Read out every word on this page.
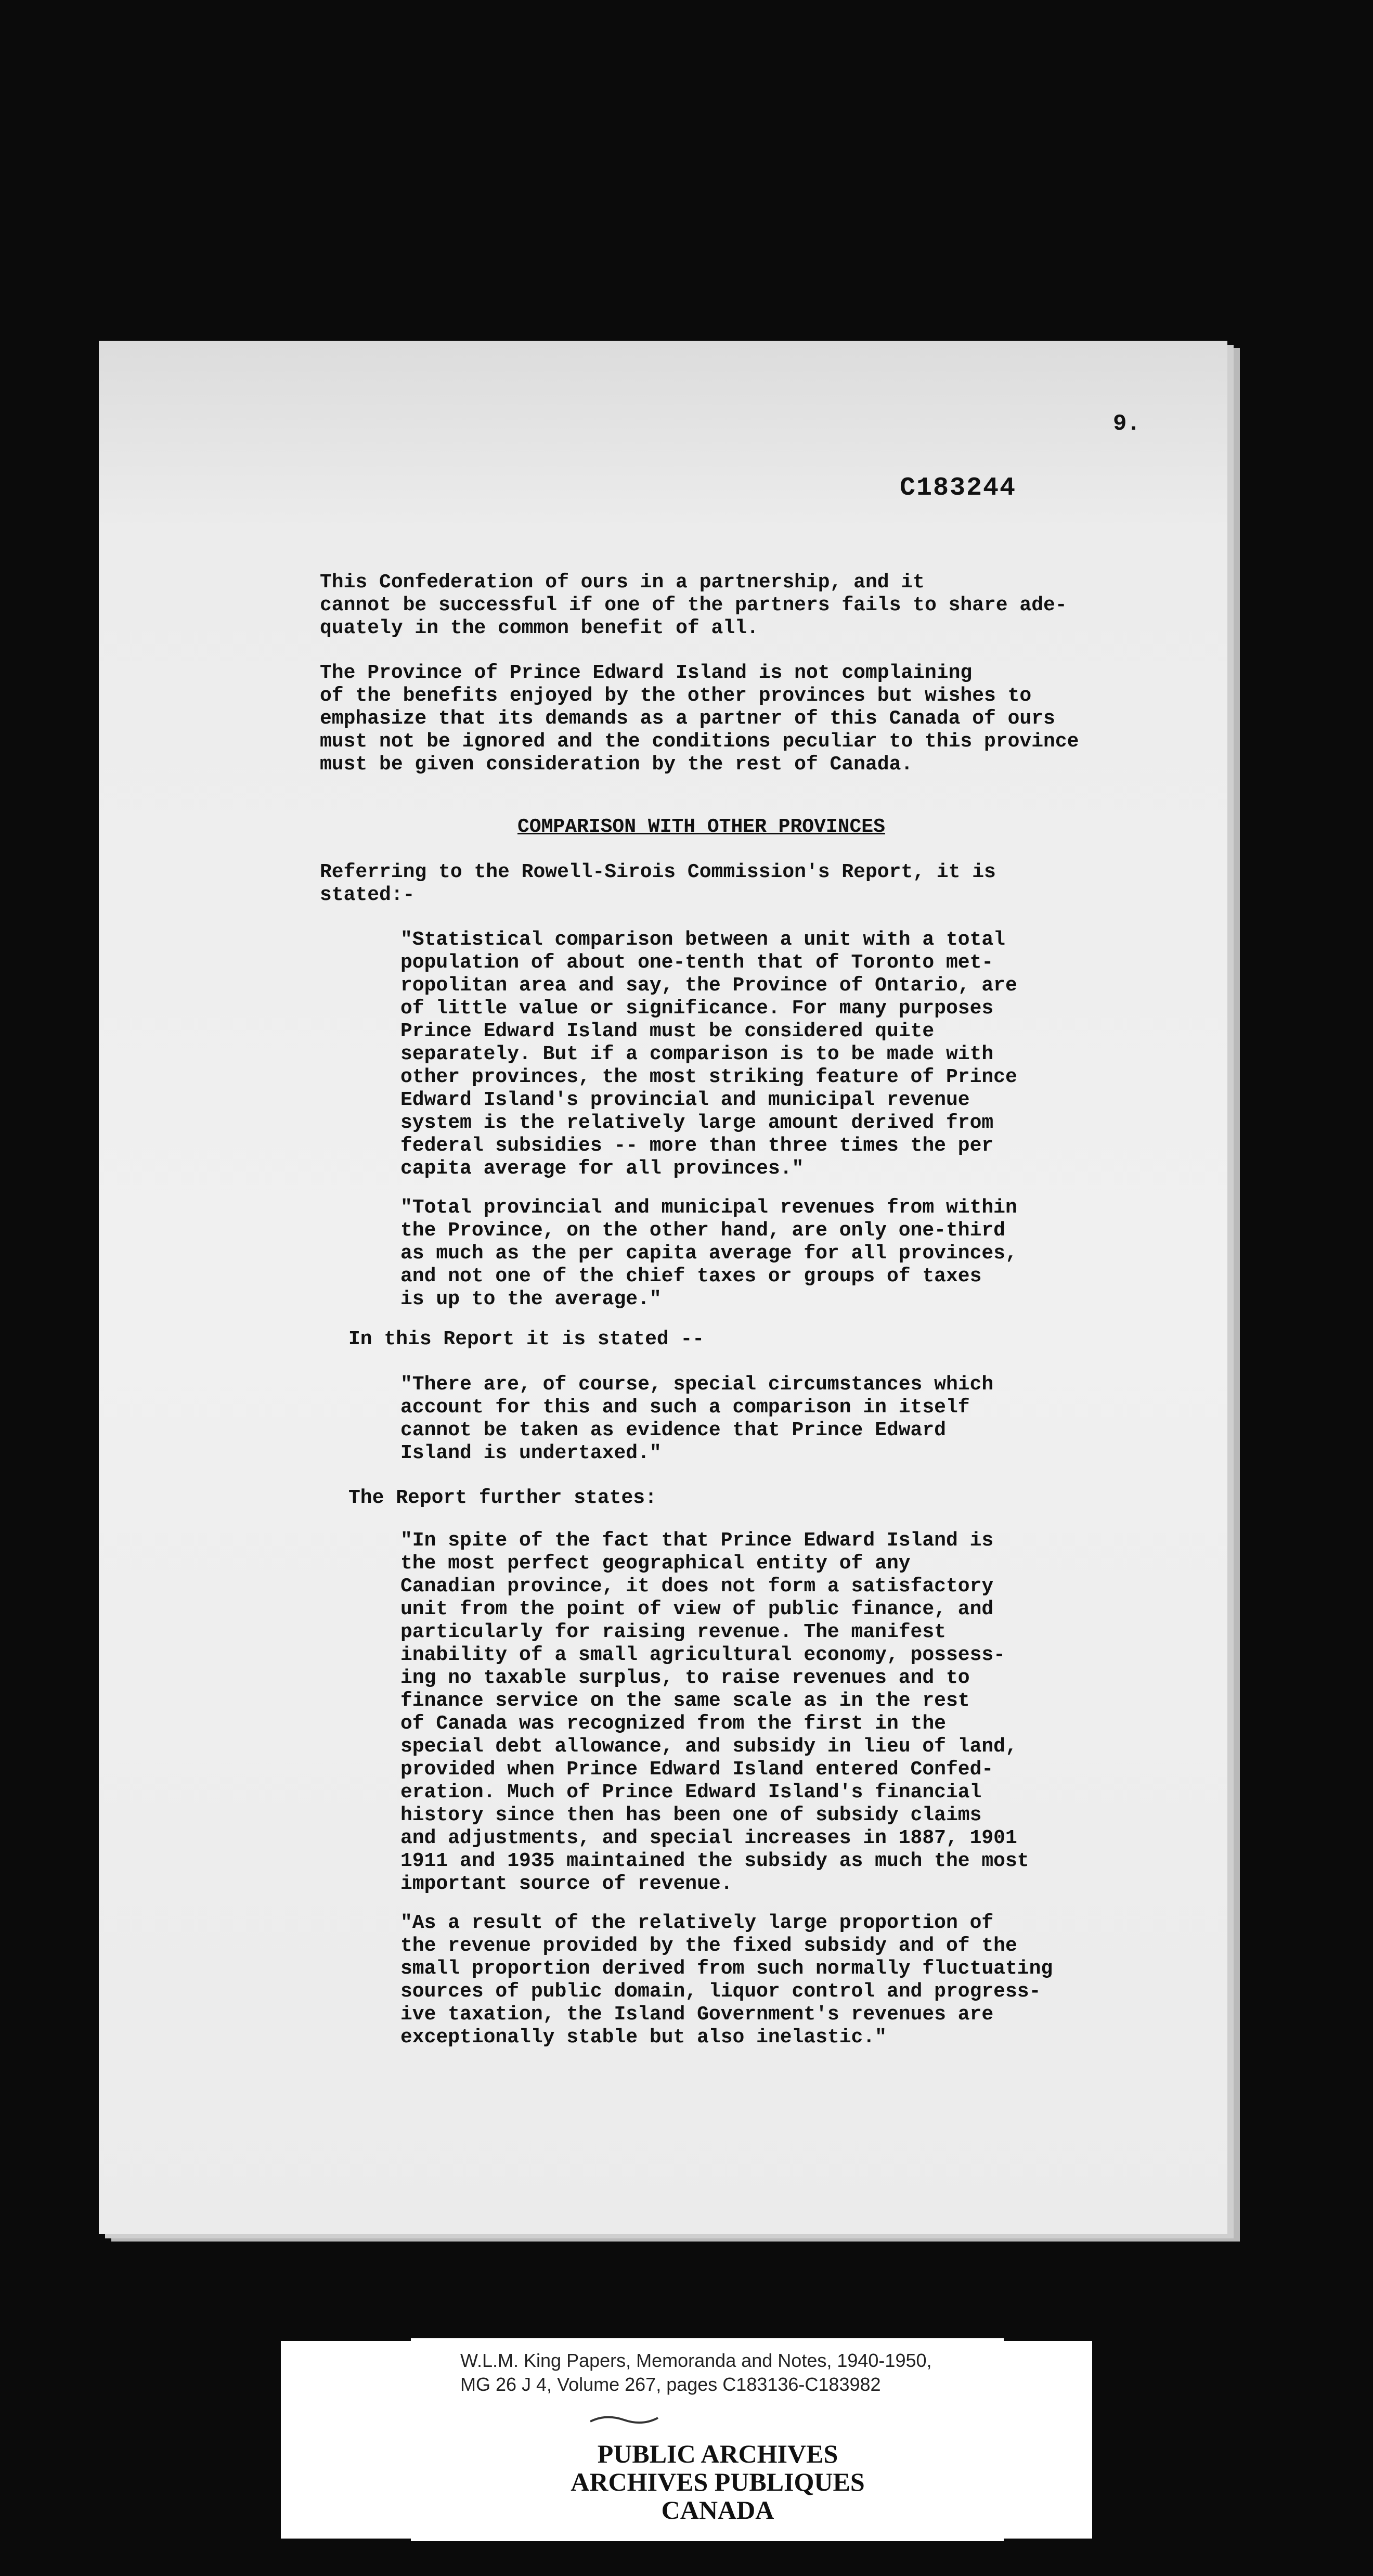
9.
C183244

This Confederation of ours in a partnership, and it
cannot be successful if one of the partners fails to share ade-
quately in the common benefit of all.

The Province of Prince Edward Island is not complaining
of the benefits enjoyed by the other provinces but wishes to
emphasize that its demands as a partner of this Canada of ours
must not be ignored and the conditions peculiar to this province
must be given consideration by the rest of Canada.

COMPARISON WITH OTHER PROVINCES

Referring to the Rowell-Sirois Commission's Report, it is
stated:-

"Statistical comparison between a unit with a total
population of about one-tenth that of Toronto met-
ropolitan area and say, the Province of Ontario, are
of little value or significance. For many purposes
Prince Edward Island must be considered quite
separately. But if a comparison is to be made with
other provinces, the most striking feature of Prince
Edward Island's provincial and municipal revenue
system is the relatively large amount derived from
federal subsidies -- more than three times the per
capita average for all provinces."

"Total provincial and municipal revenues from within
the Province, on the other hand, are only one-third
as much as the per capita average for all provinces,
and not one of the chief taxes or groups of taxes
is up to the average."

In this Report it is stated --

"There are, of course, special circumstances which
account for this and such a comparison in itself
cannot be taken as evidence that Prince Edward
Island is undertaxed."

The Report further states:

"In spite of the fact that Prince Edward Island is
the most perfect geographical entity of any
Canadian province, it does not form a satisfactory
unit from the point of view of public finance, and
particularly for raising revenue. The manifest
inability of a small agricultural economy, possess-
ing no taxable surplus, to raise revenues and to
finance service on the same scale as in the rest
of Canada was recognized from the first in the
special debt allowance, and subsidy in lieu of land,
provided when Prince Edward Island entered Confed-
eration. Much of Prince Edward Island's financial
history since then has been one of subsidy claims
and adjustments, and special increases in 1887, 1901
1911 and 1935 maintained the subsidy as much the most
important source of revenue.

"As a result of the relatively large proportion of
the revenue provided by the fixed subsidy and of the
small proportion derived from such normally fluctuating
sources of public domain, liquor control and progress-
ive taxation, the Island Government's revenues are
exceptionally stable but also inelastic."

W.L.M. King Papers, Memoranda and Notes, 1940-1950,
MG 26 J 4, Volume 267, pages C183136-C183982
PUBLIC ARCHIVES
ARCHIVES PUBLIQUES
CANADA
